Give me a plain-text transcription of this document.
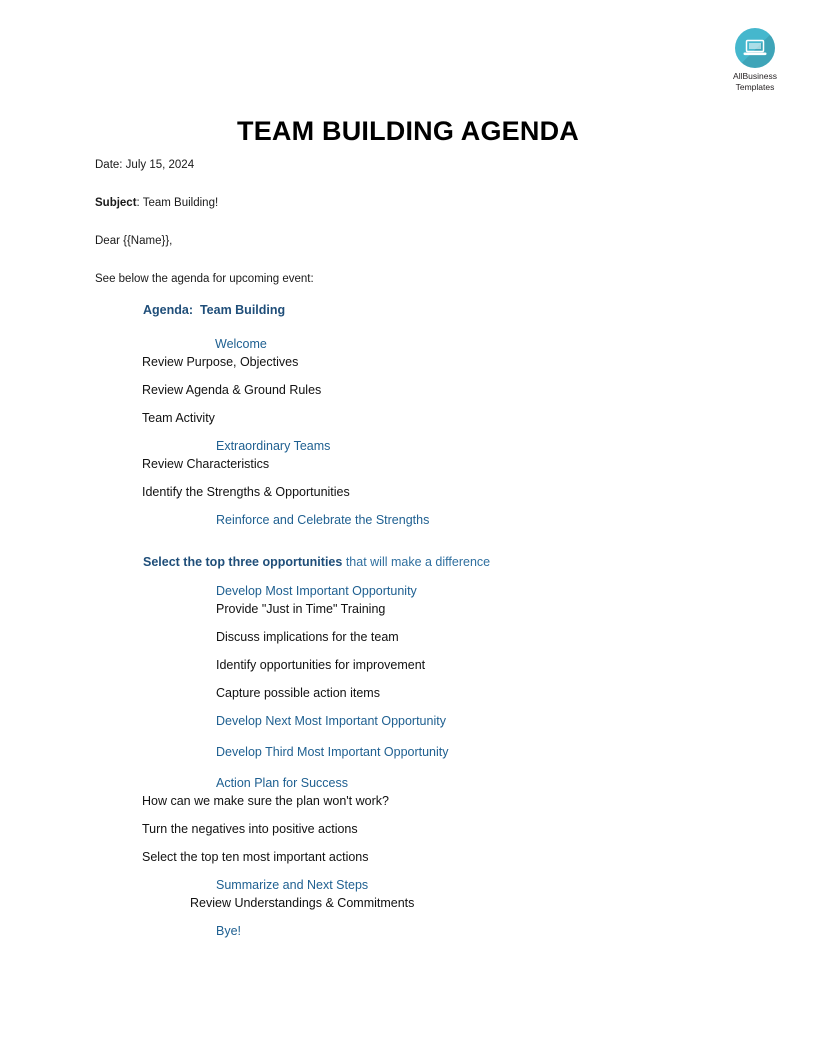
AllBusiness
Templates
TEAM BUILDING AGENDA
Date: July 15, 2024
Subject: Team Building!
Dear {{Name}},
See below the agenda for upcoming event:
Agenda: Team Building
Welcome
Review Purpose, Objectives
Review Agenda & Ground Rules
Team Activity
Extraordinary Teams
Review Characteristics
Identify the Strengths & Opportunities
Reinforce and Celebrate the Strengths
Select the top three opportunities that will make a difference
Develop Most Important Opportunity
Provide "Just in Time" Training
Discuss implications for the team
Identify opportunities for improvement
Capture possible action items
Develop Next Most Important Opportunity
Develop Third Most Important Opportunity
Action Plan for Success
How can we make sure the plan won't work?
Turn the negatives into positive actions
Select the top ten most important actions
Summarize and Next Steps
Review Understandings & Commitments
Bye!
